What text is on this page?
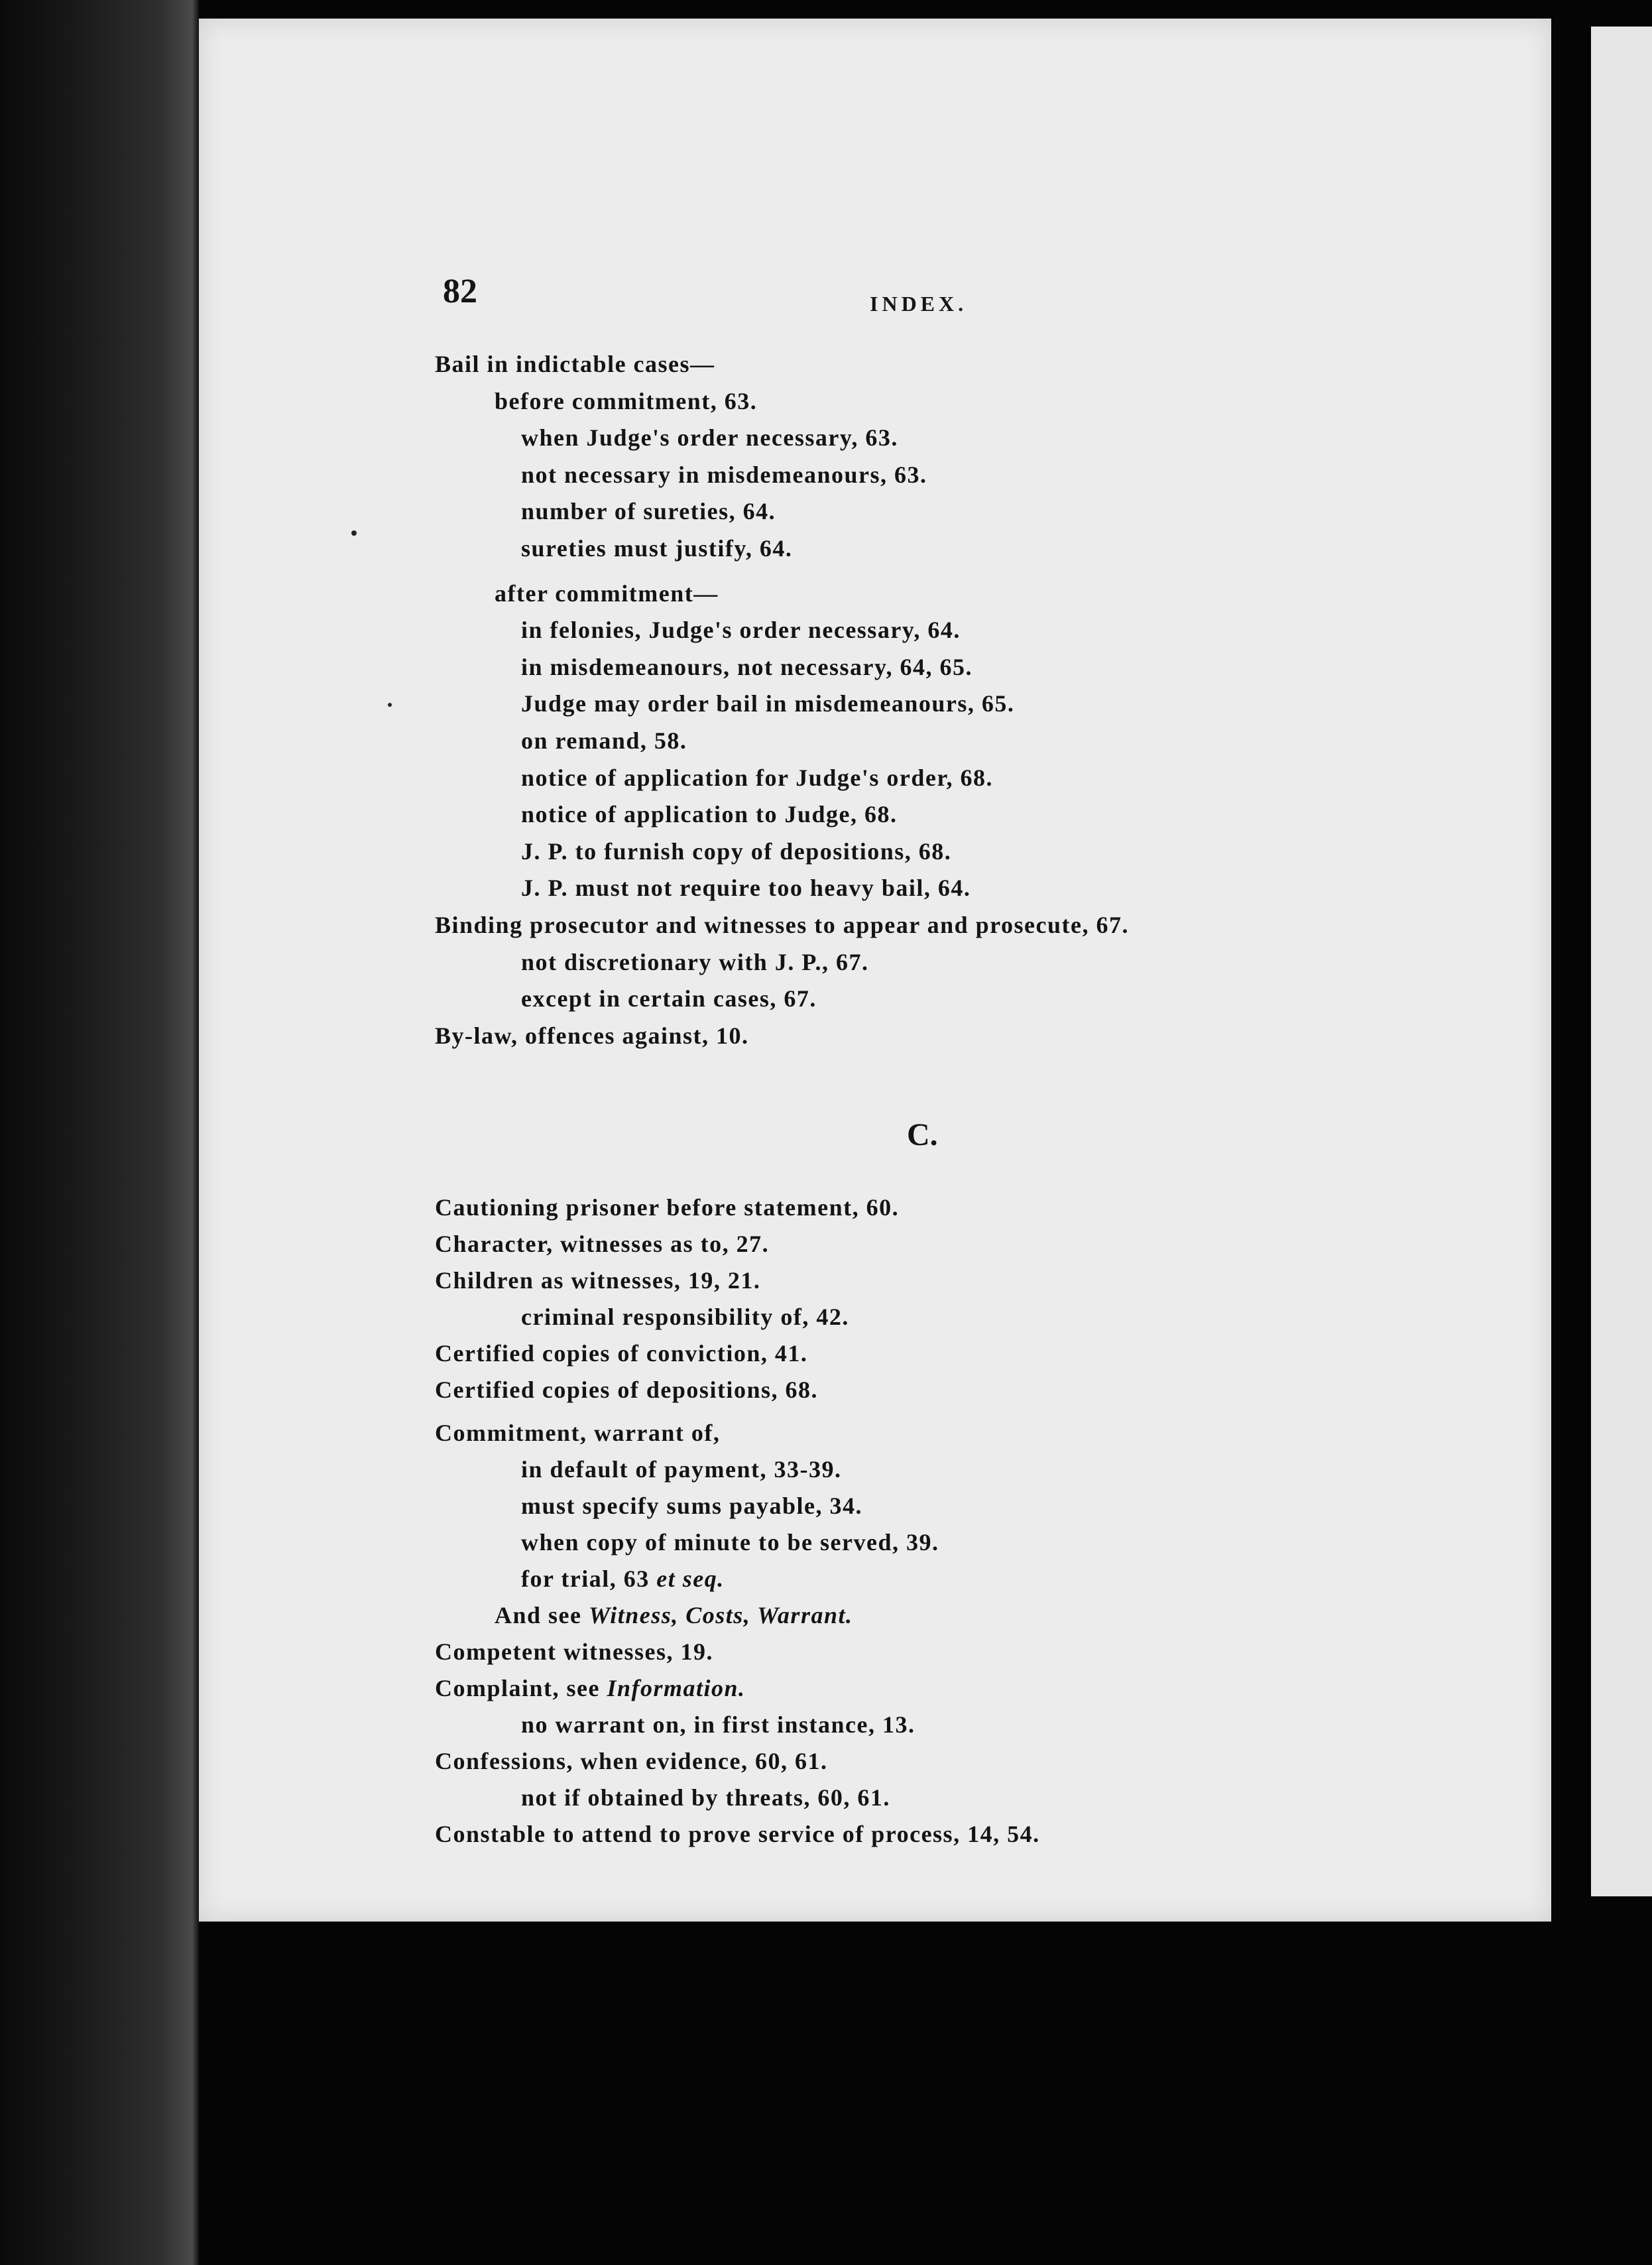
82	INDEX.
Bail in indictable cases—
before commitment, 63.
when Judge's order necessary, 63.
not necessary in misdemeanours, 63.
number of sureties, 64.
sureties must justify, 64.
after commitment—
in felonies, Judge's order necessary, 64.
in misdemeanours, not necessary, 64, 65.
Judge may order bail in misdemeanours, 65.
on remand, 58.
notice of application for Judge's order, 68.
notice of application to Judge, 68.
J. P. to furnish copy of depositions, 68.
J. P. must not require too heavy bail, 64.
Binding prosecutor and witnesses to appear and prosecute, 67.
not discretionary with J. P., 67.
except in certain cases, 67.
By-law, offences against, 10.
C.
Cautioning prisoner before statement, 60.
Character, witnesses as to, 27.
Children as witnesses, 19, 21.
criminal responsibility of, 42.
Certified copies of conviction, 41.
Certified copies of depositions, 68.
Commitment, warrant of,
in default of payment, 33-39.
must specify sums payable, 34.
when copy of minute to be served, 39.
for trial, 63 et seq.
And see Witness, Costs, Warrant.
Competent witnesses, 19.
Complaint, see Information.
no warrant on, in first instance, 13.
Confessions, when evidence, 60, 61.
not if obtained by threats, 60, 61.
Constable to attend to prove service of process, 14, 54.
